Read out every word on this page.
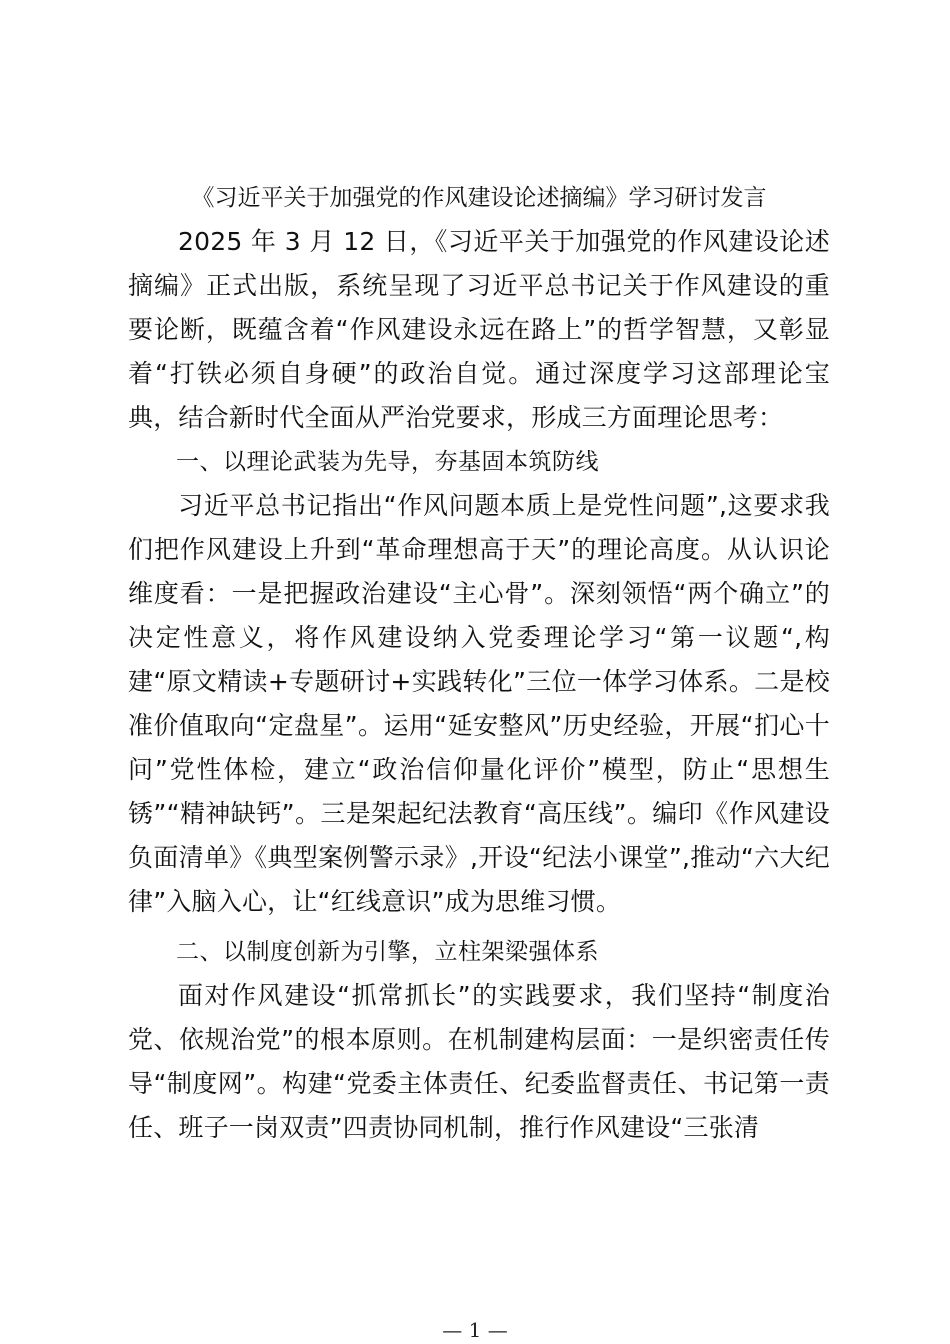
《习近平关于加强党的作风建设论述摘编》学习研讨发言

2025 年 3 月 12 日，《习近平关于加强党的作风建设论述摘编》正式出版，系统呈现了习近平总书记关于作风建设的重要论断，既蕴含着“作风建设永远在路上”的哲学智慧，又彰显着“打铁必须自身硬”的政治自觉。通过深度学习这部理论宝典，结合新时代全面从严治党要求，形成三方面理论思考：

一、以理论武装为先导，夯基固本筑防线

习近平总书记指出“作风问题本质上是党性问题”,这要求我们把作风建设上升到“革命理想高于天”的理论高度。从认识论维度看：一是把握政治建设“主心骨”。深刻领悟“两个确立”的决定性意义，将作风建设纳入党委理论学习“第一议题“,构建“原文精读+专题研讨+实践转化”三位一体学习体系。二是校准价值取向“定盘星”。运用“延安整风”历史经验，开展“扪心十问”党性体检，建立“政治信仰量化评价”模型，防止“思想生锈”“精神缺钙”。三是架起纪法教育“高压线”。编印《作风建设负面清单》《典型案例警示录》,开设“纪法小课堂”,推动“六大纪律”入脑入心，让“红线意识”成为思维习惯。

二、以制度创新为引擎，立柱架梁强体系

面对作风建设“抓常抓长”的实践要求，我们坚持“制度治党、依规治党”的根本原则。在机制建构层面：一是织密责任传导“制度网”。构建“党委主体责任、纪委监督责任、书记第一责任、班子一岗双责”四责协同机制，推行作风建设“三张清

— 1 —
